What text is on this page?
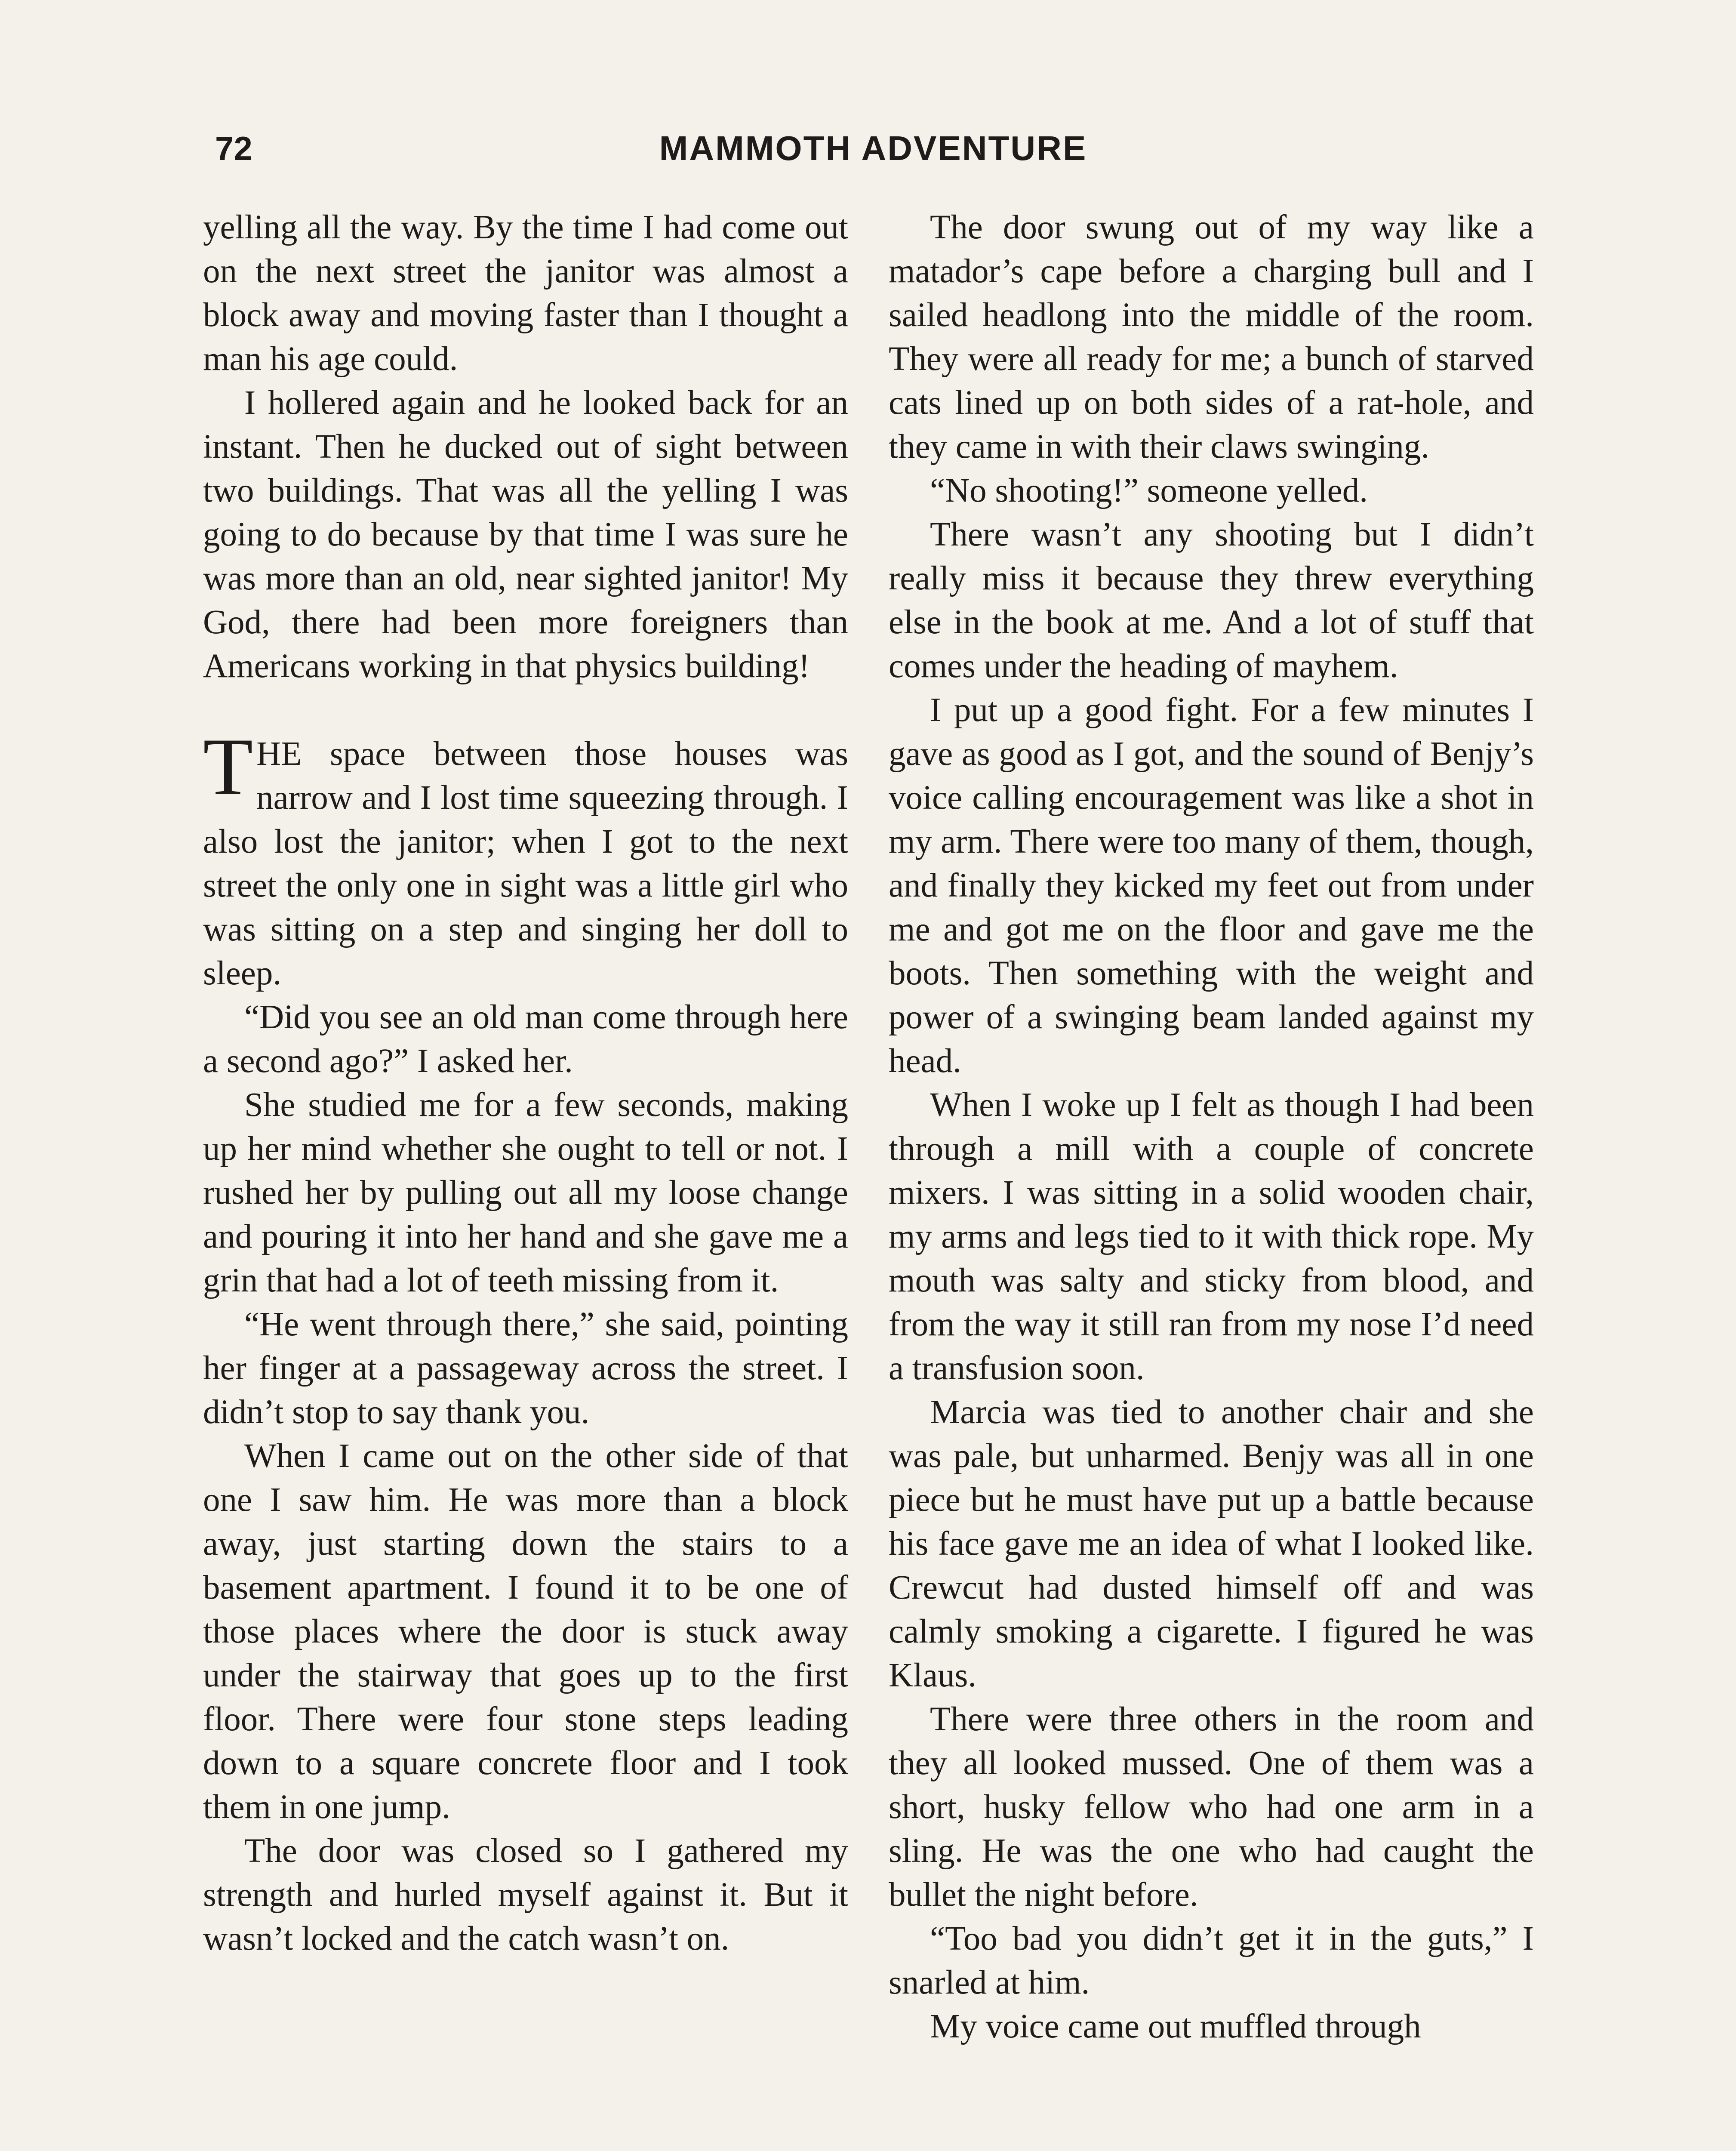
72	MAMMOTH ADVENTURE

yelling all the way. By the time I had come out on the next street the janitor was almost a block away and moving faster than I thought a man his age could.

I hollered again and he looked back for an instant. Then he ducked out of sight between two buildings. That was all the yelling I was going to do because by that time I was sure he was more than an old, near sighted janitor! My God, there had been more foreigners than Americans working in that physics building!

THE space between those houses was narrow and I lost time squeezing through. I also lost the janitor; when I got to the next street the only one in sight was a little girl who was sitting on a step and singing her doll to sleep.

“Did you see an old man come through here a second ago?” I asked her.

She studied me for a few seconds, making up her mind whether she ought to tell or not. I rushed her by pulling out all my loose change and pouring it into her hand and she gave me a grin that had a lot of teeth missing from it.

“He went through there,” she said, pointing her finger at a passageway across the street. I didn’t stop to say thank you.

When I came out on the other side of that one I saw him. He was more than a block away, just starting down the stairs to a basement apartment. I found it to be one of those places where the door is stuck away under the stairway that goes up to the first floor. There were four stone steps leading down to a square concrete floor and I took them in one jump.

The door was closed so I gathered my strength and hurled myself against it. But it wasn’t locked and the catch wasn’t on.

The door swung out of my way like a matador’s cape before a charging bull and I sailed headlong into the middle of the room. They were all ready for me; a bunch of starved cats lined up on both sides of a rat-hole, and they came in with their claws swinging.

“No shooting!” someone yelled.

There wasn’t any shooting but I didn’t really miss it because they threw everything else in the book at me. And a lot of stuff that comes under the heading of mayhem.

I put up a good fight. For a few minutes I gave as good as I got, and the sound of Benjy’s voice calling encouragement was like a shot in my arm. There were too many of them, though, and finally they kicked my feet out from under me and got me on the floor and gave me the boots. Then something with the weight and power of a swinging beam landed against my head.

When I woke up I felt as though I had been through a mill with a couple of concrete mixers. I was sitting in a solid wooden chair, my arms and legs tied to it with thick rope. My mouth was salty and sticky from blood, and from the way it still ran from my nose I’d need a transfusion soon.

Marcia was tied to another chair and she was pale, but unharmed. Benjy was all in one piece but he must have put up a battle because his face gave me an idea of what I looked like. Crewcut had dusted himself off and was calmly smoking a cigarette. I figured he was Klaus.

There were three others in the room and they all looked mussed. One of them was a short, husky fellow who had one arm in a sling. He was the one who had caught the bullet the night before.

“Too bad you didn’t get it in the guts,” I snarled at him.

My voice came out muffled through
